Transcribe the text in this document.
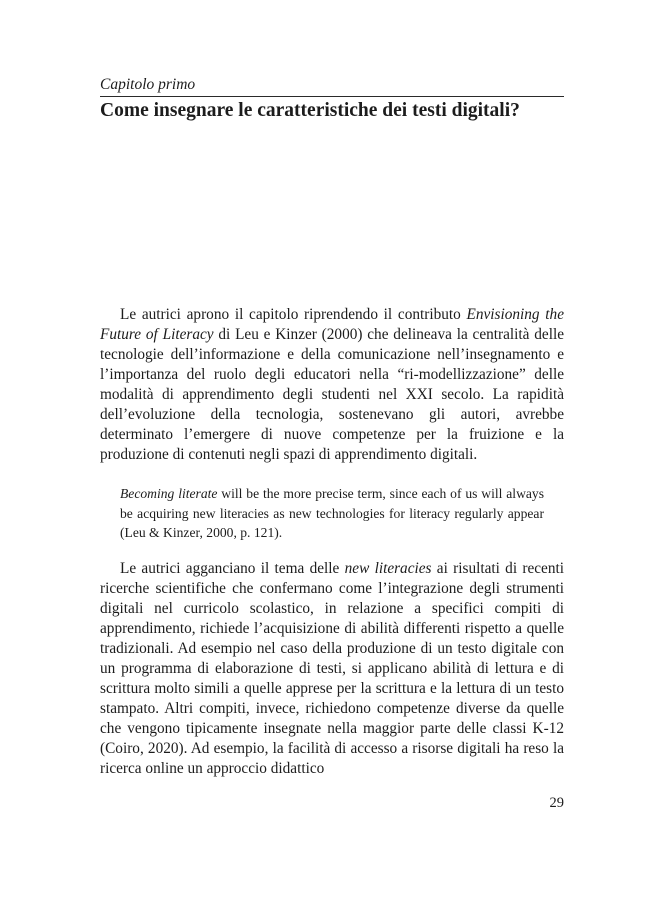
Capitolo primo
Come insegnare le caratteristiche dei testi digitali?

Le autrici aprono il capitolo riprendendo il contributo Envisioning the Future of Literacy di Leu e Kinzer (2000) che delineava la centralità delle tecnologie dell’informazione e della comunicazione nell’insegnamento e l’importanza del ruolo degli educatori nella “ri-modellizzazione” delle modalità di apprendimento degli studenti nel XXI secolo. La rapidità dell’evoluzione della tecnologia, sostenevano gli autori, avrebbe determinato l’emergere di nuove competenze per la fruizione e la produzione di contenuti negli spazi di apprendimento digitali.

Becoming literate will be the more precise term, since each of us will always be acquiring new literacies as new technologies for literacy regularly appear (Leu & Kinzer, 2000, p. 121).

Le autrici agganciano il tema delle new literacies ai risultati di recenti ricerche scientifiche che confermano come l’integrazione degli strumenti digitali nel curricolo scolastico, in relazione a specifici compiti di apprendimento, richiede l’acquisizione di abilità differenti rispetto a quelle tradizionali. Ad esempio nel caso della produzione di un testo digitale con un programma di elaborazione di testi, si applicano abilità di lettura e di scrittura molto simili a quelle apprese per la scrittura e la lettura di un testo stampato. Altri compiti, invece, richiedono competenze diverse da quelle che vengono tipicamente insegnate nella maggior parte delle classi K-12 (Coiro, 2020). Ad esempio, la facilità di accesso a risorse digitali ha reso la ricerca online un approccio didattico

29
